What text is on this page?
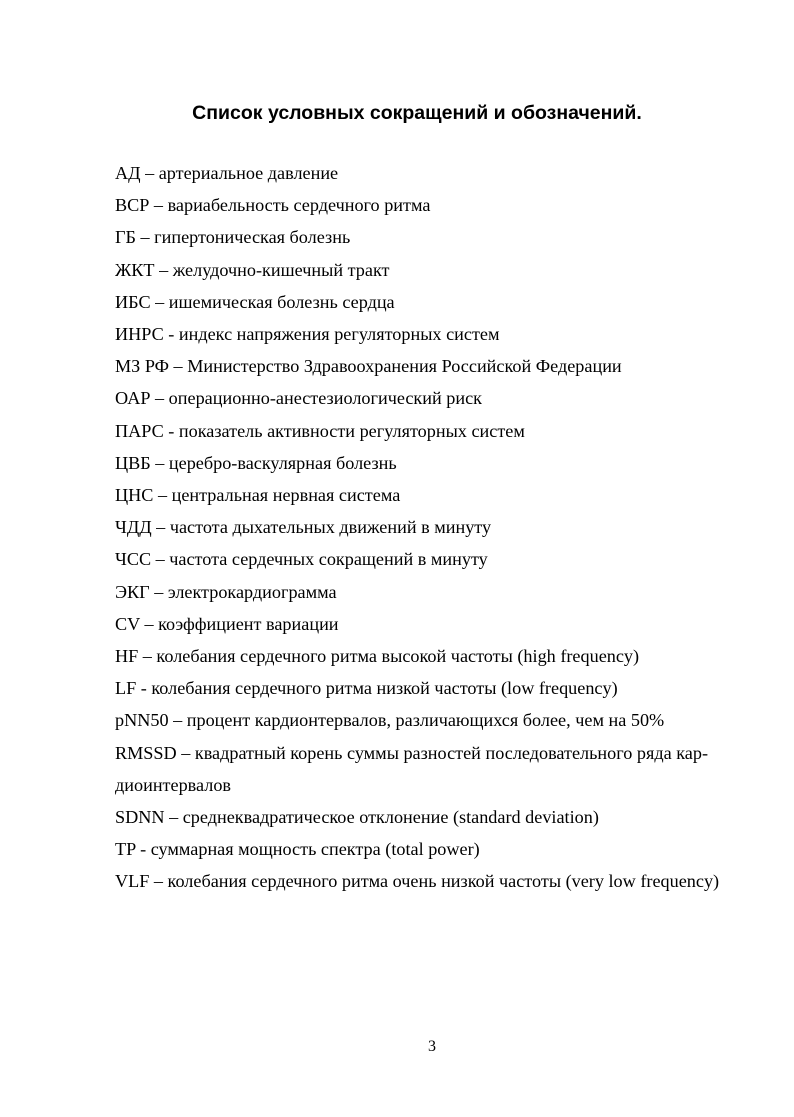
Список условных сокращений и обозначений.
АД – артериальное давление
ВСР – вариабельность сердечного ритма
ГБ – гипертоническая болезнь
ЖКТ – желудочно-кишечный тракт
ИБС – ишемическая болезнь сердца
ИНРС - индекс напряжения регуляторных систем
МЗ РФ – Министерство Здравоохранения Российской Федерации
ОАР – операционно-анестезиологический риск
ПАРС - показатель активности регуляторных систем
ЦВБ – церебро-васкулярная болезнь
ЦНС – центральная нервная система
ЧДД – частота дыхательных движений в минуту
ЧСС – частота сердечных сокращений в минуту
ЭКГ – электрокардиограмма
CV – коэффициент вариации
HF – колебания сердечного ритма высокой частоты (high frequency)
LF - колебания сердечного ритма низкой частоты (low frequency)
pNN50 – процент кардионтервалов, различающихся более, чем на 50%
RMSSD – квадратный корень суммы разностей последовательного ряда кар-
диоинтервалов
SDNN – среднеквадратическое отклонение (standard deviation)
TP - суммарная мощность спектра (total power)
VLF – колебания сердечного ритма очень низкой частоты (very low frequency)
3
